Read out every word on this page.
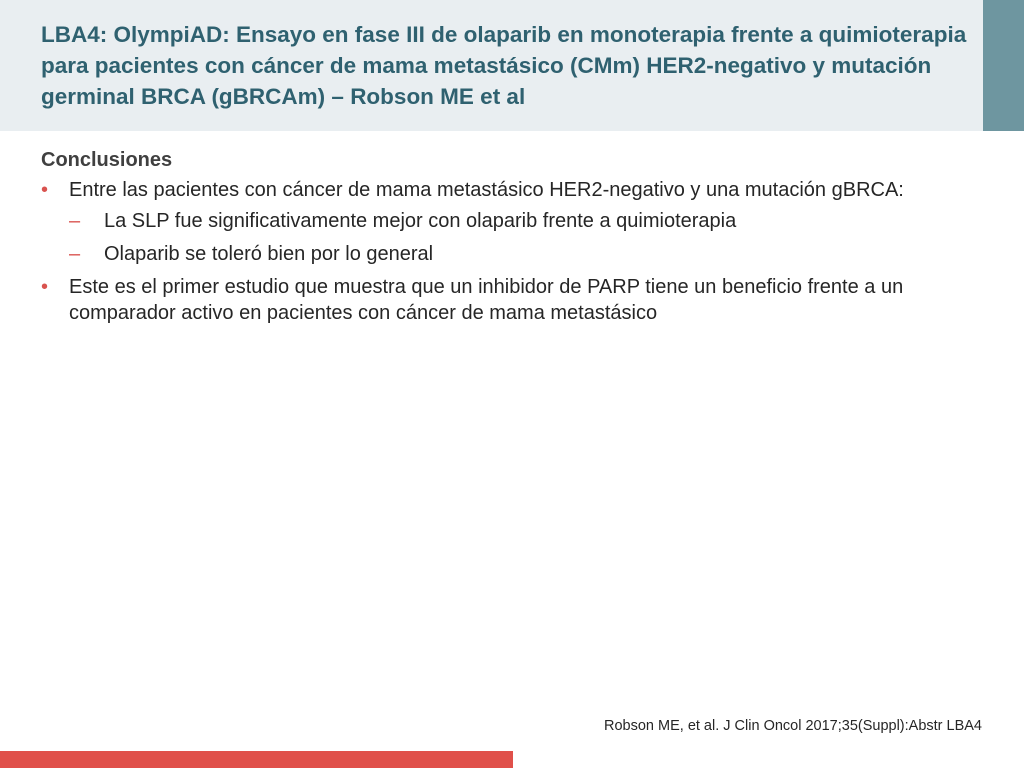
LBA4: OlympiAD: Ensayo en fase III de olaparib en monoterapia frente a quimioterapia para pacientes con cáncer de mama metastásico (CMm) HER2-negativo y mutación germinal BRCA (gBRCAm) – Robson ME et al
Conclusiones
• Entre las pacientes con cáncer de mama metastásico HER2-negativo y una mutación gBRCA:
– La SLP fue significativamente mejor con olaparib frente a quimioterapia
– Olaparib se toleró bien por lo general
• Este es el primer estudio que muestra que un inhibidor de PARP tiene un beneficio frente a un comparador activo en pacientes con cáncer de mama metastásico
Robson ME, et al. J Clin Oncol 2017;35(Suppl):Abstr LBA4
